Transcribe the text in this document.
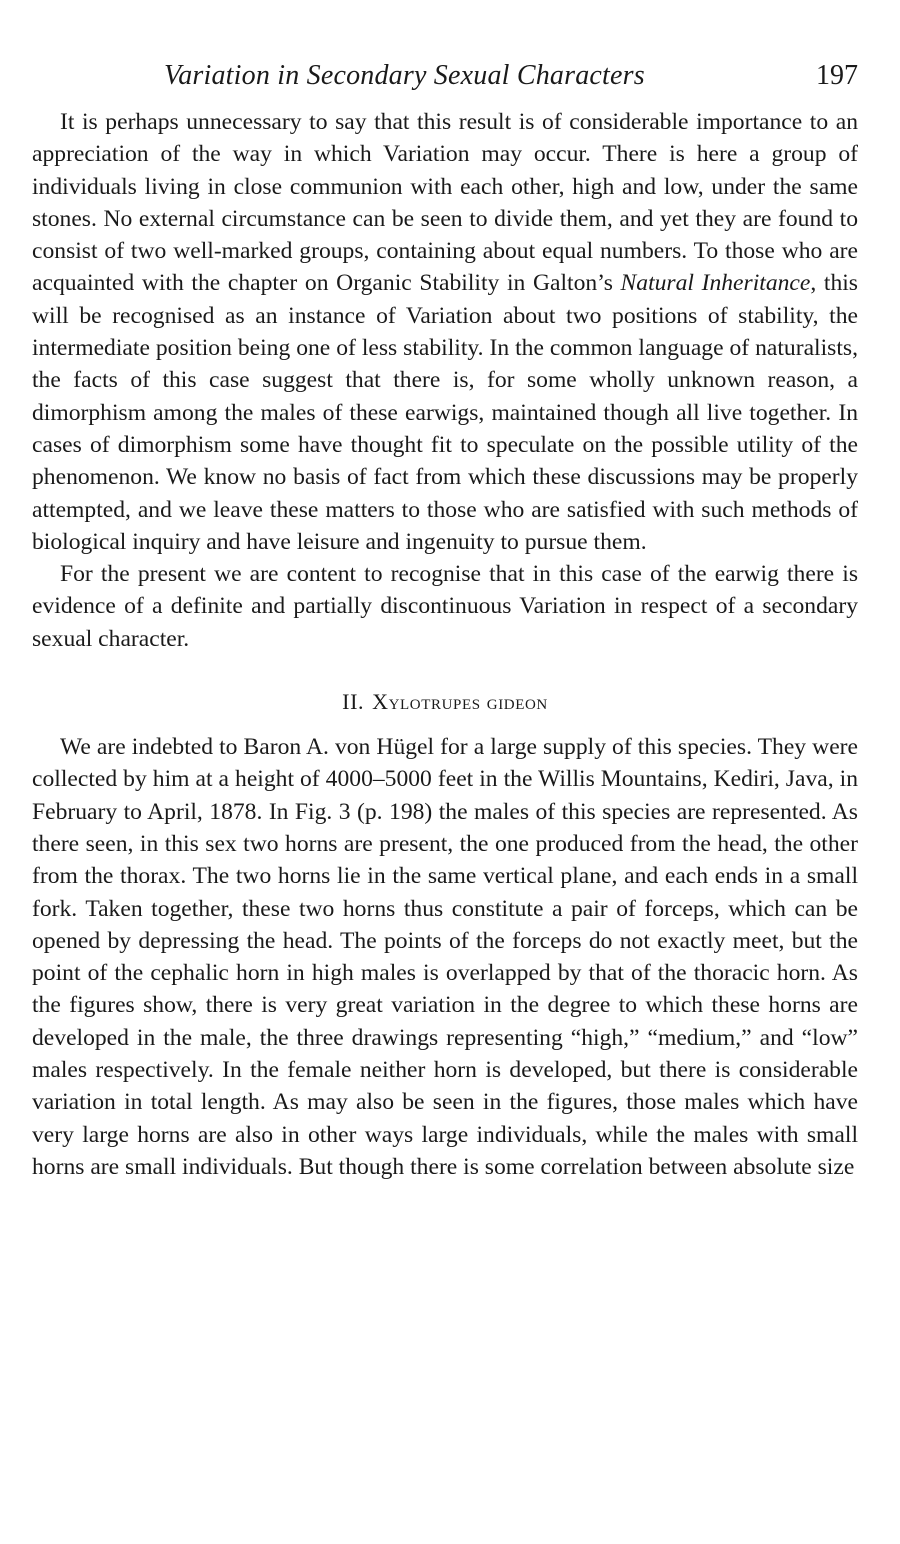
Variation in Secondary Sexual Characters	197

It is perhaps unnecessary to say that this result is of considerable importance to an appreciation of the way in which Variation may occur. There is here a group of individuals living in close communion with each other, high and low, under the same stones. No external circumstance can be seen to divide them, and yet they are found to consist of two well-marked groups, containing about equal numbers. To those who are acquainted with the chapter on Organic Stability in Galton’s Natural Inheritance, this will be recognised as an instance of Variation about two positions of stability, the intermediate position being one of less stability. In the common language of naturalists, the facts of this case suggest that there is, for some wholly unknown reason, a dimorphism among the males of these earwigs, maintained though all live together. In cases of dimorphism some have thought fit to speculate on the possible utility of the phenomenon. We know no basis of fact from which these discussions may be properly attempted, and we leave these matters to those who are satisfied with such methods of biological inquiry and have leisure and ingenuity to pursue them.

For the present we are content to recognise that in this case of the earwig there is evidence of a definite and partially discontinuous Variation in respect of a secondary sexual character.

II. Xylotrupes gideon

We are indebted to Baron A. von Hügel for a large supply of this species. They were collected by him at a height of 4000–5000 feet in the Willis Mountains, Kediri, Java, in February to April, 1878. In Fig. 3 (p. 198) the males of this species are represented. As there seen, in this sex two horns are present, the one produced from the head, the other from the thorax. The two horns lie in the same vertical plane, and each ends in a small fork. Taken together, these two horns thus constitute a pair of forceps, which can be opened by depressing the head. The points of the forceps do not exactly meet, but the point of the cephalic horn in high males is overlapped by that of the thoracic horn. As the figures show, there is very great variation in the degree to which these horns are developed in the male, the three drawings representing “high,” “medium,” and “low” males respectively. In the female neither horn is developed, but there is considerable variation in total length. As may also be seen in the figures, those males which have very large horns are also in other ways large individuals, while the males with small horns are small individuals. But though there is some correlation between absolute size
